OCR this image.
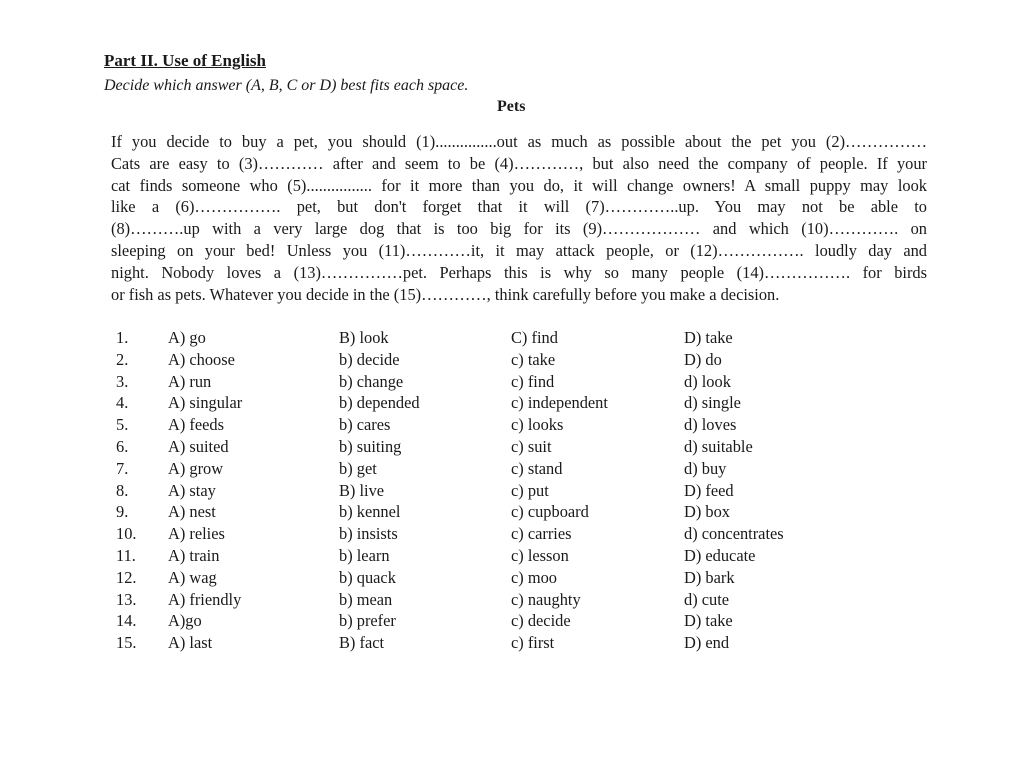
Part II. Use of English
Decide which answer (A, B, C or D) best fits each space.
Pets
If you decide to buy a pet, you should (1)...............out as much as possible about the pet you (2)……………
Cats are easy to (3)………… after and seem to be (4)…………, but also need the company of people. If your
cat finds someone who (5)................ for it more than you do, it will change owners! A small puppy may look
like a (6)……………. pet, but don't forget that it will (7)…………..up. You may not be able to
(8)……….up with a very large dog that is too big for its (9)……………… and which (10)…………. on
sleeping on your bed! Unless you (11)…………it, it may attack people, or (12)……………. loudly day and
night. Nobody loves a (13)……………pet. Perhaps this is why so many people (14)……………. for birds
or fish as pets. Whatever you decide in the (15)…………, think carefully before you make a decision.
1. A) go	B) look	C) find	D) take
2. A) choose	b) decide	c) take	D) do
3. A) run	b) change	c) find	d) look
4. A) singular	b) depended	c) independent	d) single
5. A) feeds	b) cares	c) looks	d) loves
6. A) suited	b) suiting	c) suit	d) suitable
7. A) grow	b) get	c) stand	d) buy
8. A) stay	B) live	c) put	D) feed
9. A) nest	b) kennel	c) cupboard	D) box
10. A) relies	b) insists	c) carries	d) concentrates
11. A) train	b) learn	c) lesson	D) educate
12. A) wag	b) quack	c) moo	D) bark
13. A) friendly	b) mean	c) naughty	d) cute
14. A)go	b) prefer	c) decide	D) take
15. A) last	B) fact	c) first	D) end
